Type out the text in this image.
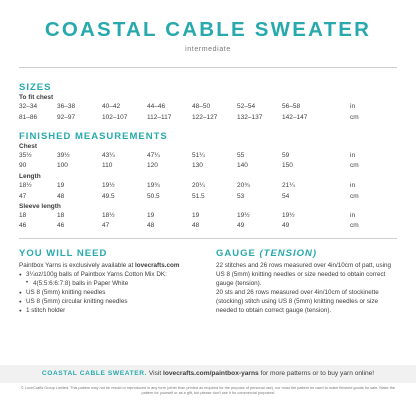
COASTAL CABLE SWEATER
intermediate
SIZES
To fit chest
32–34	36–38	40–42	44–46	48–50	52–54	56–58	in
81–86	92–97	102–107	112–117	122–127	132–137	142–147	cm
FINISHED MEASUREMENTS
Chest
35½	39½	43¼	47¼	51¼	55	59	in
90	100	110	120	130	140	150	cm
Length
18½	19	19½	19¾	20¼	20¾	21¼	in
47	48	49.5	50.5	51.5	53	54	cm
Sleeve length
18	18	18½	19	19	19½	19½	in
46	46	47	48	48	49	49	cm
YOU WILL NEED

Paintbox Yarns is exclusively available at lovecrafts.com

● 3¼oz/100g balls of Paintbox Yarns Cotton Mix DK:
• 4(5:5:6:6:7:8) balls in Paper White
● US 8 (5mm) knitting needles
● US 8 (5mm) circular knitting needles
● 1 stitch holder
GAUGE (TENSION)

22 stitches and 26 rows measured over 4in/10cm of patt, using US 8 (5mm) knitting needles or size needed to obtain correct gauge (tension).

20 sts and 26 rows measured over 4in/10cm of stockinette (stocking) stitch using US 8 (5mm) knitting needles or size needed to obtain correct gauge (tension).

COASTAL CABLE SWEATER. Visit lovecrafts.com/paintbox-yarns for more patterns or to buy yarn online!
© LoveCrafts Group Limited. This pattern may not be resold or reproduced in any form (other than printed as required for the purpose of personal use), nor must the pattern be used to make finished goods for sale. Make the pattern for yourself or as a gift, but please don't use it for commercial purposes!
